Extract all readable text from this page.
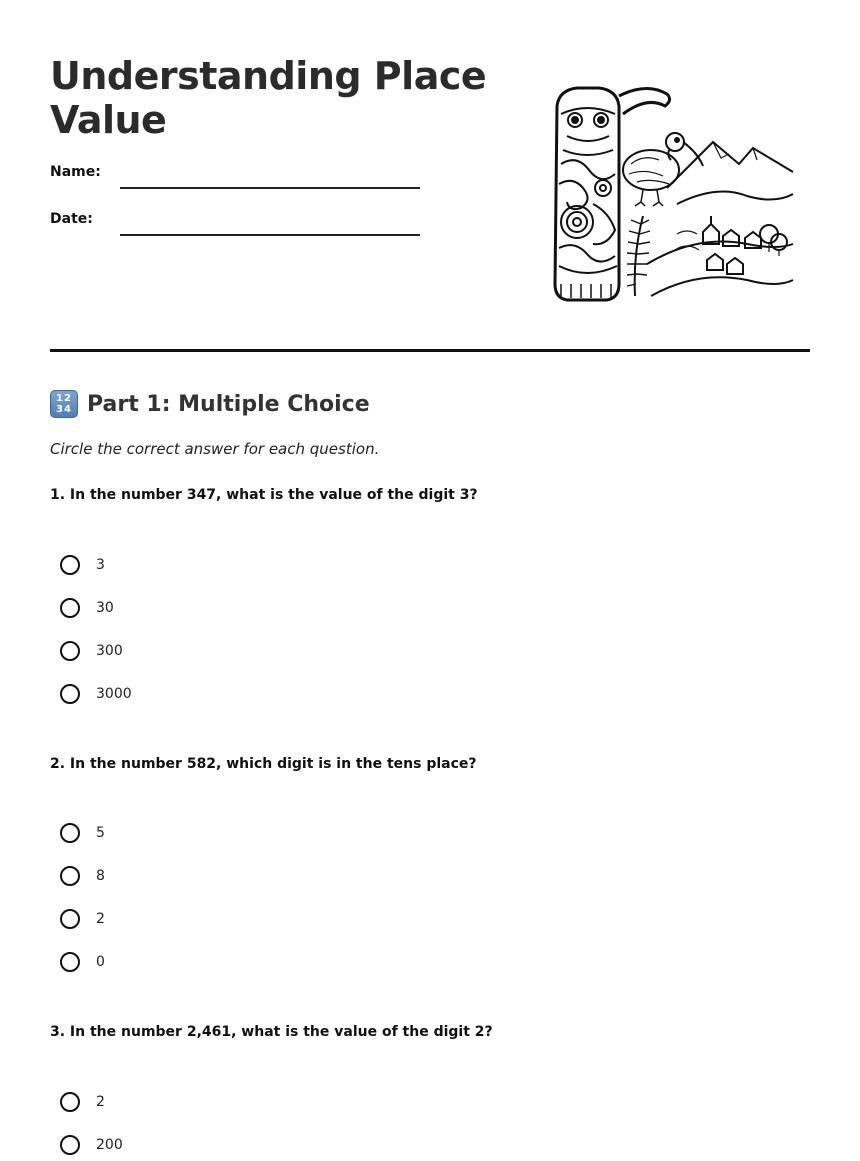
Understanding Place Value
Name:
Date:
12
34 Part 1: Multiple Choice
Circle the correct answer for each question.
1. In the number 347, what is the value of the digit 3?
3
30
300
3000
2. In the number 582, which digit is in the tens place?
5
8
2
0
3. In the number 2,461, what is the value of the digit 2?
2
200
